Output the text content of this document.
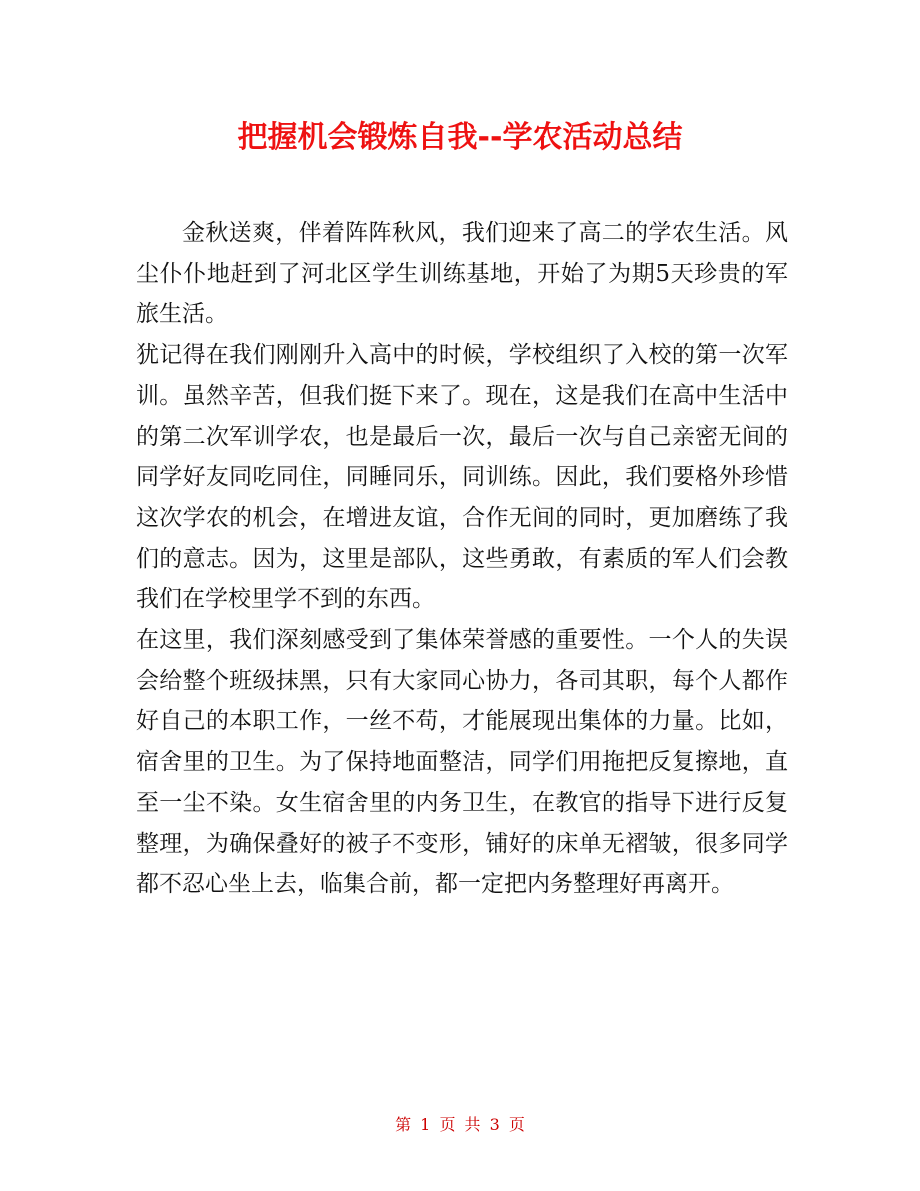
把握机会锻炼自我--学农活动总结

金秋送爽，伴着阵阵秋风，我们迎来了高二的学农生活。风尘仆仆地赶到了河北区学生训练基地，开始了为期5天珍贵的军旅生活。

犹记得在我们刚刚升入高中的时候，学校组织了入校的第一次军训。虽然辛苦，但我们挺下来了。现在，这是我们在高中生活中的第二次军训学农，也是最后一次，最后一次与自己亲密无间的同学好友同吃同住，同睡同乐，同训练。因此，我们要格外珍惜这次学农的机会，在增进友谊，合作无间的同时，更加磨练了我们的意志。因为，这里是部队，这些勇敢，有素质的军人们会教我们在学校里学不到的东西。

在这里，我们深刻感受到了集体荣誉感的重要性。一个人的失误会给整个班级抹黑，只有大家同心协力，各司其职，每个人都作好自己的本职工作，一丝不苟，才能展现出集体的力量。比如，宿舍里的卫生。为了保持地面整洁，同学们用拖把反复擦地，直至一尘不染。女生宿舍里的内务卫生，在教官的指导下进行反复整理，为确保叠好的被子不变形，铺好的床单无褶皱，很多同学都不忍心坐上去，临集合前，都一定把内务整理好再离开。

第 1 页 共 3 页
